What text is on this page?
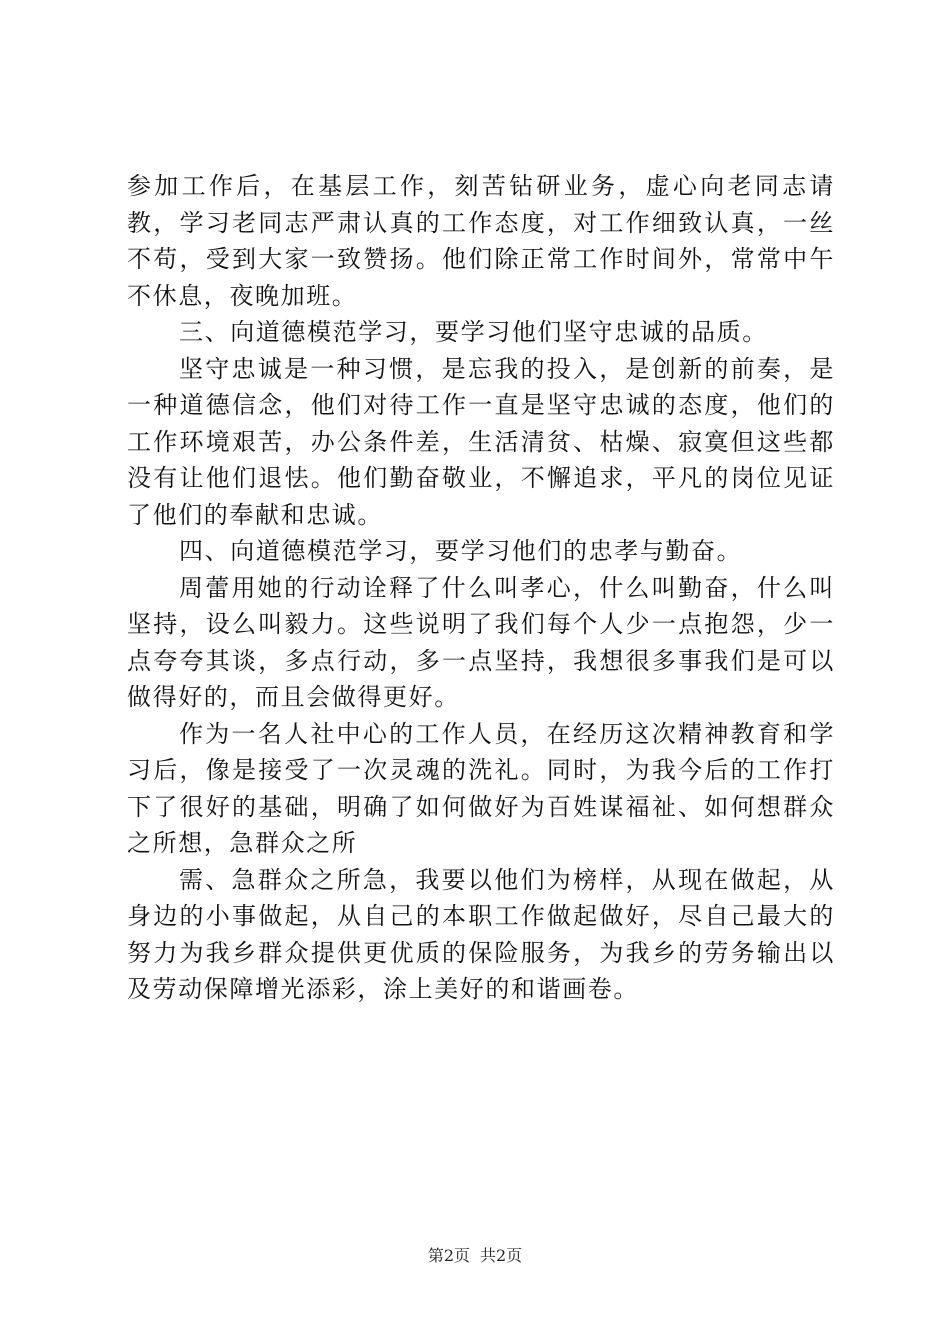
参加工作后，在基层工作，刻苦钻研业务，虚心向老同志请教，学习老同志严肃认真的工作态度，对工作细致认真，一丝不苟，受到大家一致赞扬。他们除正常工作时间外，常常中午不休息，夜晚加班。

三、向道德模范学习，要学习他们坚守忠诚的品质。

坚守忠诚是一种习惯，是忘我的投入，是创新的前奏，是一种道德信念，他们对待工作一直是坚守忠诚的态度，他们的工作环境艰苦，办公条件差，生活清贫、枯燥、寂寞但这些都没有让他们退怯。他们勤奋敬业，不懈追求，平凡的岗位见证了他们的奉献和忠诚。

四、向道德模范学习，要学习他们的忠孝与勤奋。

周蕾用她的行动诠释了什么叫孝心，什么叫勤奋，什么叫坚持，设么叫毅力。这些说明了我们每个人少一点抱怨，少一点夸夸其谈，多点行动，多一点坚持，我想很多事我们是可以做得好的，而且会做得更好。

作为一名人社中心的工作人员，在经历这次精神教育和学习后，像是接受了一次灵魂的洗礼。同时，为我今后的工作打下了很好的基础，明确了如何做好为百姓谋福祉、如何想群众之所想，急群众之所

需、急群众之所急，我要以他们为榜样，从现在做起，从身边的小事做起，从自己的本职工作做起做好，尽自己最大的努力为我乡群众提供更优质的保险服务，为我乡的劳务输出以及劳动保障增光添彩，涂上美好的和谐画卷。

第2页 共2页
